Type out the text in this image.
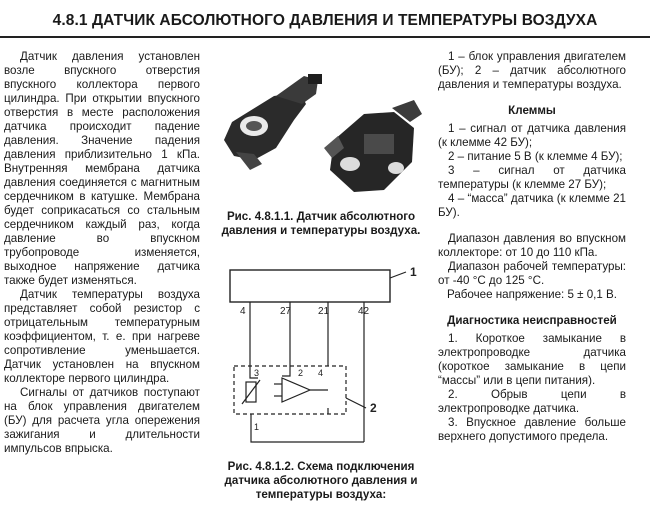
4.8.1 ДАТЧИК АБСОЛЮТНОГО ДАВЛЕНИЯ И ТЕМПЕРАТУРЫ ВОЗДУХА

Датчик давления установлен возле впускного отверстия впускного коллектора первого цилиндра. При открытии впускного отверстия в месте расположения датчика происходит падение давления. Значение падения давления приблизительно 1 кПа. Внутренняя мембрана датчика давления соединяется с магнитным сердечником в катушке. Мембрана будет соприкасаться со стальным сердечником каждый раз, когда давление во впускном трубопроводе изменяется, выходное напряжение датчика также будет изменяться.

Датчик температуры воздуха представляет собой резистор с отрицательным температурным коэффициентом, т. е. при нагреве сопротивление уменьшается. Датчик установлен на впускном коллекторе первого цилиндра.

Сигналы от датчиков поступают на блок управления двигателем (БУ) для расчета угла опережения зажигания и длительности импульсов впрыска.

Рис. 4.8.1.1. Датчик абсолютного давления и температуры воздуха.
1
4	27	21	42
3	4
2
1
2
Рис. 4.8.1.2. Схема подключения датчика абсолютного давления и температуры воздуха:

1 – блок управления двигателем (БУ); 2 – датчик абсолютного давления и температуры воздуха.

Клеммы

1 – сигнал от датчика давления (к клемме 42 БУ);

2 – питание 5 В (к клемме 4 БУ);

3 – сигнал от датчика температуры (к клемме 27 БУ);

4 – “масса” датчика (к клемме 21 БУ).

Диапазон давления во впускном коллекторе: от 10 до 110 кПа.

Диапазон рабочей температуры: от -40 °С до 125 °С.

Рабочее напряжение: 5 ± 0,1 В.

Диагностика неисправностей

1. Короткое замыкание в электропроводке датчика (короткое замыкание в цепи “массы” или в цепи питания).

2. Обрыв цепи в электропроводке датчика.

3. Впускное давление больше верхнего допустимого предела.
